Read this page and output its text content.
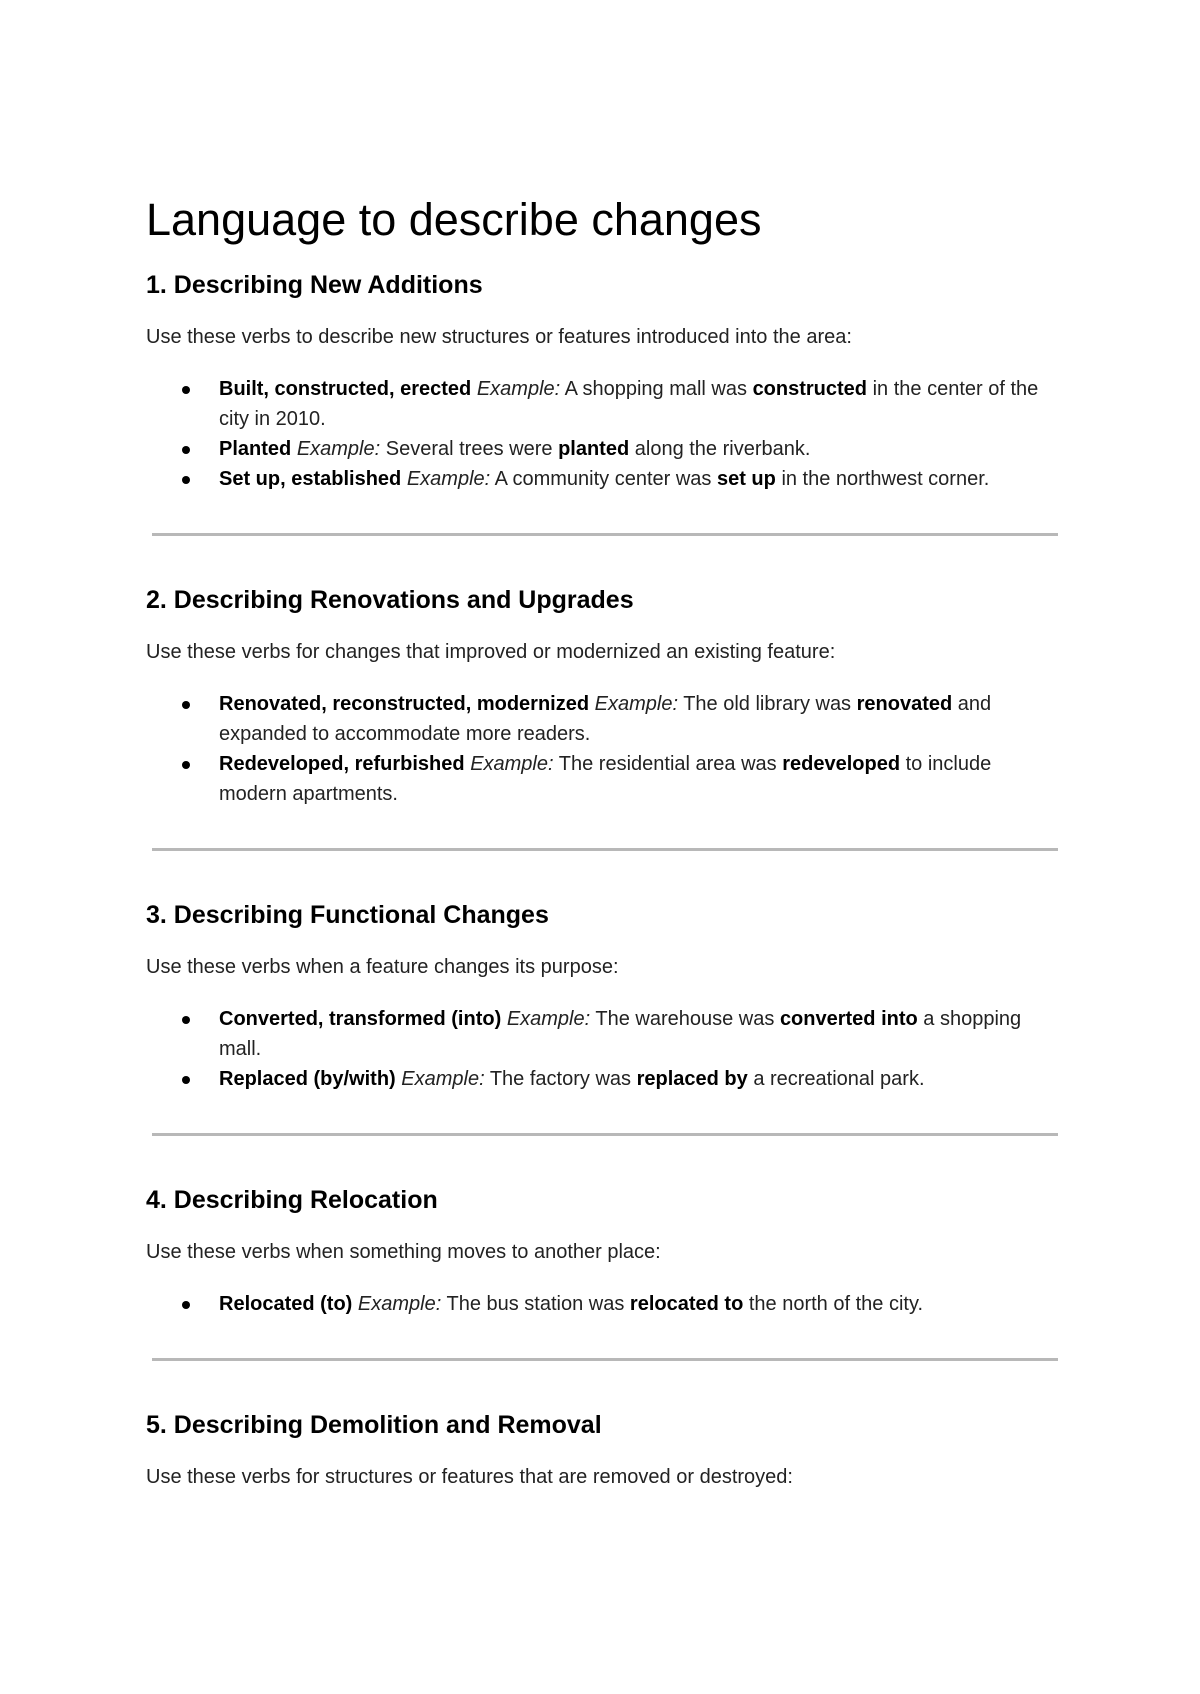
Language to describe changes
1. Describing New Additions

Use these verbs to describe new structures or features introduced into the area:

Built, constructed, erected Example: A shopping mall was constructed in the center of the city in 2010.
Planted Example: Several trees were planted along the riverbank.
Set up, established Example: A community center was set up in the northwest corner.
2. Describing Renovations and Upgrades

Use these verbs for changes that improved or modernized an existing feature:

Renovated, reconstructed, modernized Example: The old library was renovated and expanded to accommodate more readers.
Redeveloped, refurbished Example: The residential area was redeveloped to include modern apartments.
3. Describing Functional Changes

Use these verbs when a feature changes its purpose:

Converted, transformed (into) Example: The warehouse was converted into a shopping mall.
Replaced (by/with) Example: The factory was replaced by a recreational park.
4. Describing Relocation

Use these verbs when something moves to another place:

Relocated (to) Example: The bus station was relocated to the north of the city.
5. Describing Demolition and Removal

Use these verbs for structures or features that are removed or destroyed:
